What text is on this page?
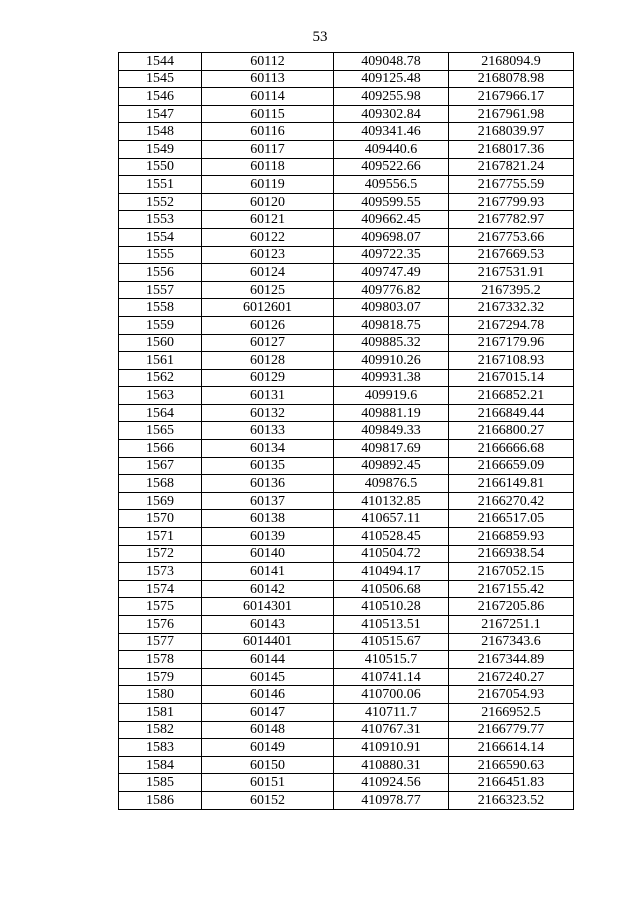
53
1544	60112	409048.78	2168094.9
1545	60113	409125.48	2168078.98
1546	60114	409255.98	2167966.17
1547	60115	409302.84	2167961.98
1548	60116	409341.46	2168039.97
1549	60117	409440.6	2168017.36
1550	60118	409522.66	2167821.24
1551	60119	409556.5	2167755.59
1552	60120	409599.55	2167799.93
1553	60121	409662.45	2167782.97
1554	60122	409698.07	2167753.66
1555	60123	409722.35	2167669.53
1556	60124	409747.49	2167531.91
1557	60125	409776.82	2167395.2
1558	6012601	409803.07	2167332.32
1559	60126	409818.75	2167294.78
1560	60127	409885.32	2167179.96
1561	60128	409910.26	2167108.93
1562	60129	409931.38	2167015.14
1563	60131	409919.6	2166852.21
1564	60132	409881.19	2166849.44
1565	60133	409849.33	2166800.27
1566	60134	409817.69	2166666.68
1567	60135	409892.45	2166659.09
1568	60136	409876.5	2166149.81
1569	60137	410132.85	2166270.42
1570	60138	410657.11	2166517.05
1571	60139	410528.45	2166859.93
1572	60140	410504.72	2166938.54
1573	60141	410494.17	2167052.15
1574	60142	410506.68	2167155.42
1575	6014301	410510.28	2167205.86
1576	60143	410513.51	2167251.1
1577	6014401	410515.67	2167343.6
1578	60144	410515.7	2167344.89
1579	60145	410741.14	2167240.27
1580	60146	410700.06	2167054.93
1581	60147	410711.7	2166952.5
1582	60148	410767.31	2166779.77
1583	60149	410910.91	2166614.14
1584	60150	410880.31	2166590.63
1585	60151	410924.56	2166451.83
1586	60152	410978.77	2166323.52
